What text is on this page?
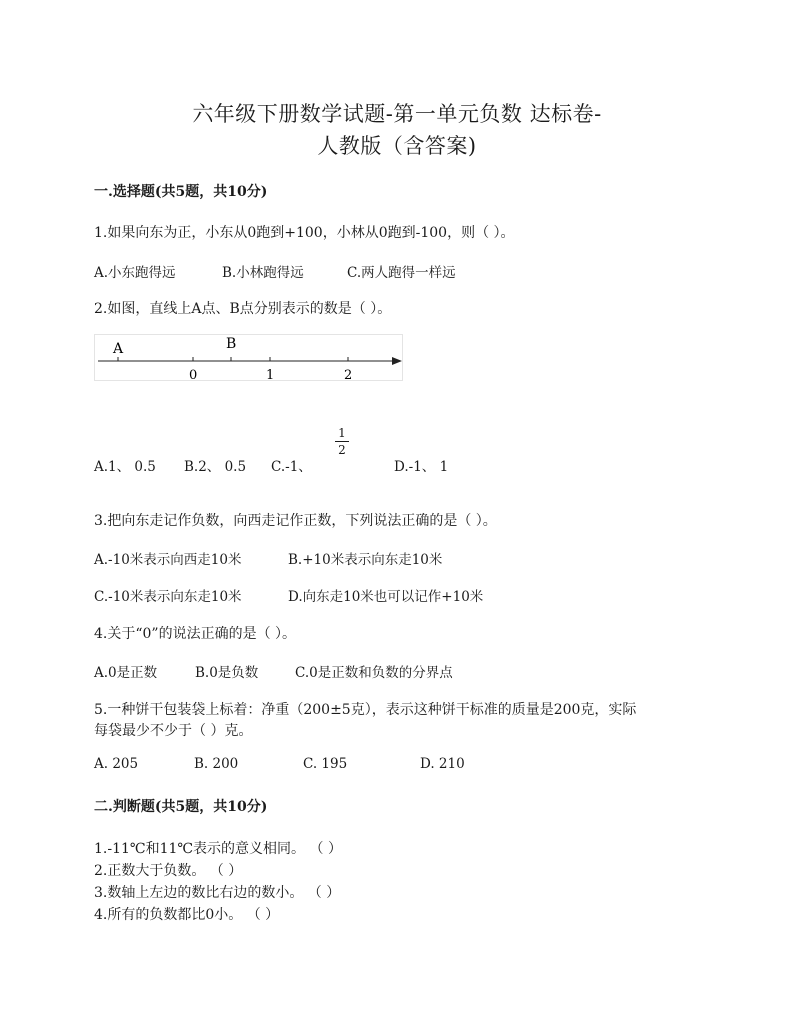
六年级下册数学试题-第一单元负数 达标卷-
人教版（含答案)
一.选择题(共5题，共10分)
1.如果向东为正，小东从0跑到+100，小林从0跑到-100，则（ ）。
A.小东跑得远	B.小林跑得远	C.两人跑得一样远
2.如图，直线上A点、B点分别表示的数是（ ）。
A	B
0	1	2
A.1、 0.5 B.2、 0.5 C.-1、
1
2
D.-1、 1
3.把向东走记作负数，向西走记作正数，下列说法正确的是（ ）。
A.-10米表示向西走10米	B.+10米表示向东走10米
C.-10米表示向东走10米	D.向东走10米也可以记作+10米
4.关于“0”的说法正确的是（ ）。
A.0是正数	B.0是负数	C.0是正数和负数的分界点
5.一种饼干包装袋上标着：净重（200±5克），表示这种饼干标准的质量是200克，实际
每袋最少不少于（ ）克。
A. 205	B. 200	C. 195	D. 210
二.判断题(共5题，共10分)
1.-11℃和11℃表示的意义相同。 （ ）
2.正数大于负数。 （ ）
3.数轴上左边的数比右边的数小。 （ ）
4.所有的负数都比0小。 （ ）
